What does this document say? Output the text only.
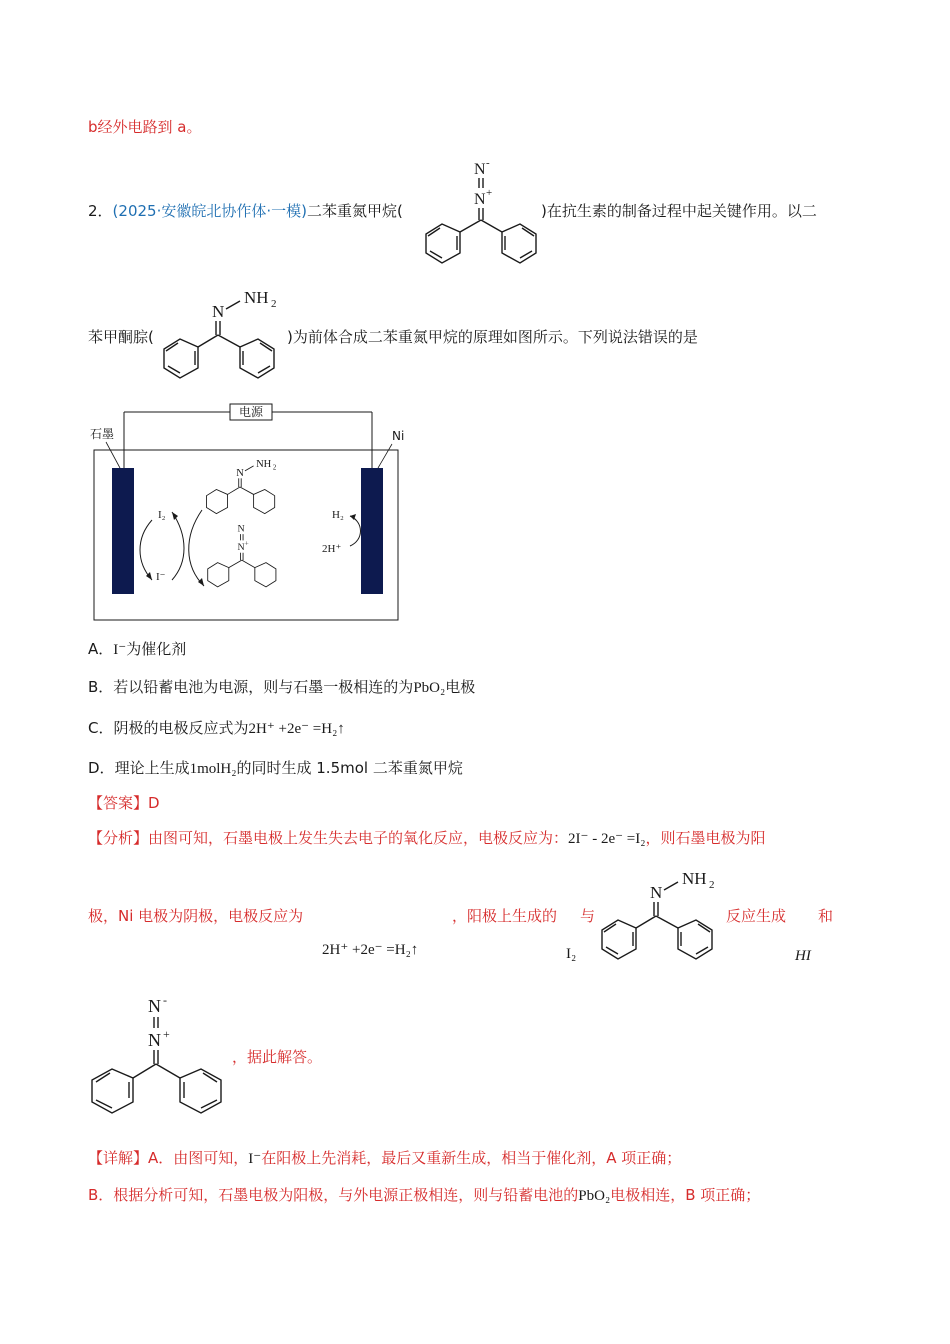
b经外电路到 a。
2．(2025·安徽皖北协作体·一模)二苯重氮甲烷(	)在抗生素的制备过程中起关键作用。以二
N -
N +
苯甲酮腙(	)为前体合成二苯重氮甲烷的原理如图所示。下列说法错误的是
N
NH 2
电源
石墨	Ni
I₂
I⁻
H₂
2H⁺
N
NH 2
N
N +
A．I⁻为催化剂
B．若以铅蓄电池为电源，则与石墨一极相连的为PbO₂电极
C．阴极的电极反应式为2H⁺ +2e⁻ =H₂↑
D．理论上生成1molH₂的同时生成 1.5mol 二苯重氮甲烷
【答案】D
【分析】由图可知，石墨电极上发生失去电子的氧化反应，电极反应为：2I⁻ - 2e⁻ =I₂，则石墨电极为阳
极，Ni 电极为阴极，电极反应为
2H⁺ +2e⁻ =H₂↑
，阳极上生成的
I₂
与
N
NH 2
反应生成 和
HI
N -
N +
，据此解答。
【详解】A．由图可知，I⁻在阳极上先消耗，最后又重新生成，相当于催化剂，A 项正确；
B．根据分析可知，石墨电极为阳极，与外电源正极相连，则与铅蓄电池的PbO₂电极相连，B 项正确；
